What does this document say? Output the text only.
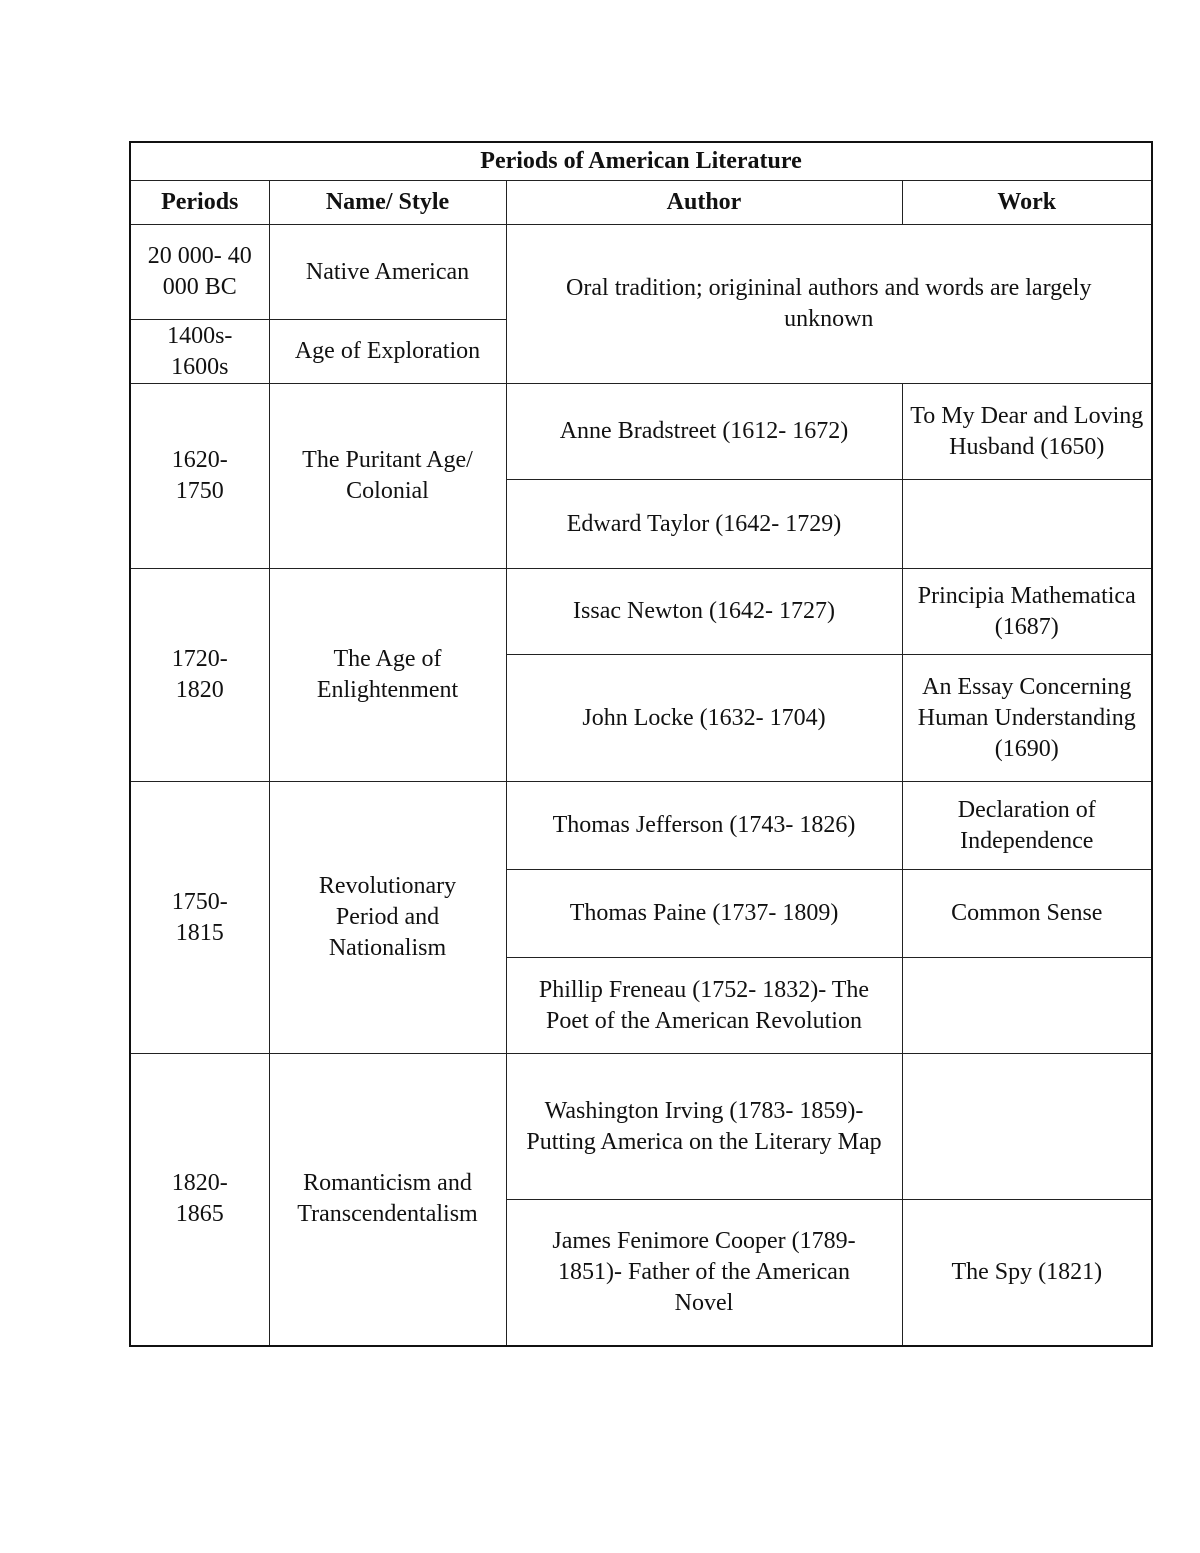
Periods of American Literature			
Periods	Name/ Style	Author	Work
20 000- 40 000 BC	Native American	Oral tradition; origininal authors and words are largely unknown	
1400s- 1600s	Age of Exploration		
1620- 1750	The Puritant Age/ Colonial	Anne Bradstreet (1612- 1672)	To My Dear and Loving Husband (1650)
		Edward Taylor (1642- 1729)	
1720- 1820	The Age of Enlightenment	Issac Newton (1642- 1727)	Principia Mathematica (1687)
		John Locke (1632- 1704)	An Essay Concerning Human Understanding (1690)
1750- 1815	Revolutionary Period and Nationalism	Thomas Jefferson (1743- 1826)	Declaration of Independence
		Thomas Paine (1737- 1809)	Common Sense
		Phillip Freneau (1752- 1832)- The Poet of the American Revolution	
1820- 1865	Romanticism and Transcendentalism	Washington Irving (1783- 1859)- Putting America on the Literary Map	
		James Fenimore Cooper (1789- 1851)- Father of the American Novel	The Spy (1821)
